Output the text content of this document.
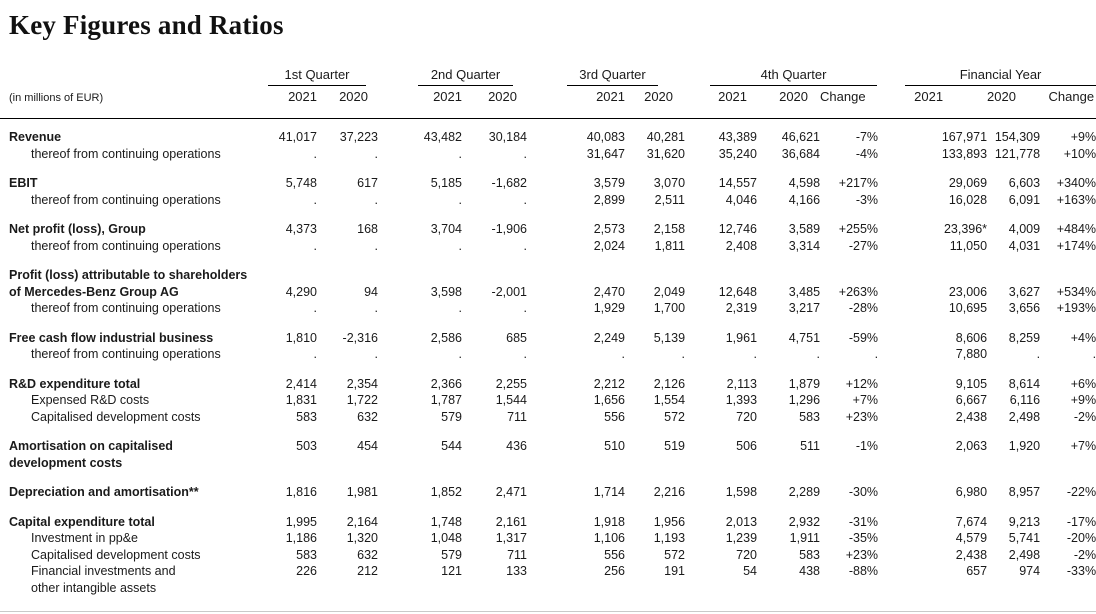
Key Figures and Ratios

	1st Quarter		2nd Quarter		3rd Quarter		4th Quarter			Financial Year		

(in millions of EUR)	2021	2020	2021	2020	2021	2020	2021	2020	Change	2021	2020	Change

Revenue	41,017	37,223	43,482	30,184	40,083	40,281	43,389	46,621	-7%	167,971	154,309	+9%

thereof from continuing operations	.	.	.	.	31,647	31,620	35,240	36,684	-4%	133,893	121,778	+10%

EBIT	5,748	617	5,185	-1,682	3,579	3,070	14,557	4,598	+217%	29,069	6,603	+340%

thereof from continuing operations	.	.	.	.	2,899	2,511	4,046	4,166	-3%	16,028	6,091	+163%

Net profit (loss), Group	4,373	168	3,704	-1,906	2,573	2,158	12,746	3,589	+255%	23,396*	4,009	+484%

thereof from continuing operations	.	.	.	.	2,024	1,811	2,408	3,314	-27%	11,050	4,031	+174%

Profit (loss) attributable to shareholders
of Mercedes-Benz Group AG	4,290	94	3,598	-2,001	2,470	2,049	12,648	3,485	+263%	23,006	3,627	+534%

thereof from continuing operations	.	.	.	.	1,929	1,700	2,319	3,217	-28%	10,695	3,656	+193%

Free cash flow industrial business	1,810	-2,316	2,586	685	2,249	5,139	1,961	4,751	-59%	8,606	8,259	+4%

thereof from continuing operations	.	.	.	.	.	.	.	.	.	7,880	.	.

R&D expenditure total	2,414	2,354	2,366	2,255	2,212	2,126	2,113	1,879	+12%	9,105	8,614	+6%

Expensed R&D costs	1,831	1,722	1,787	1,544	1,656	1,554	1,393	1,296	+7%	6,667	6,116	+9%

Capitalised development costs	583	632	579	711	556	572	720	583	+23%	2,438	2,498	-2%

Amortisation on capitalised
development costs	503	454	544	436	510	519	506	511	-1%	2,063	1,920	+7%

Depreciation and amortisation**	1,816	1,981	1,852	2,471	1,714	2,216	1,598	2,289	-30%	6,980	8,957	-22%

Capital expenditure total	1,995	2,164	1,748	2,161	1,918	1,956	2,013	2,932	-31%	7,674	9,213	-17%

Investment in pp&e	1,186	1,320	1,048	1,317	1,106	1,193	1,239	1,911	-35%	4,579	5,741	-20%

Capitalised development costs	583	632	579	711	556	572	720	583	+23%	2,438	2,498	-2%

Financial investments and
other intangible assets	226	212	121	133	256	191	54	438	-88%	657	974	-33%
